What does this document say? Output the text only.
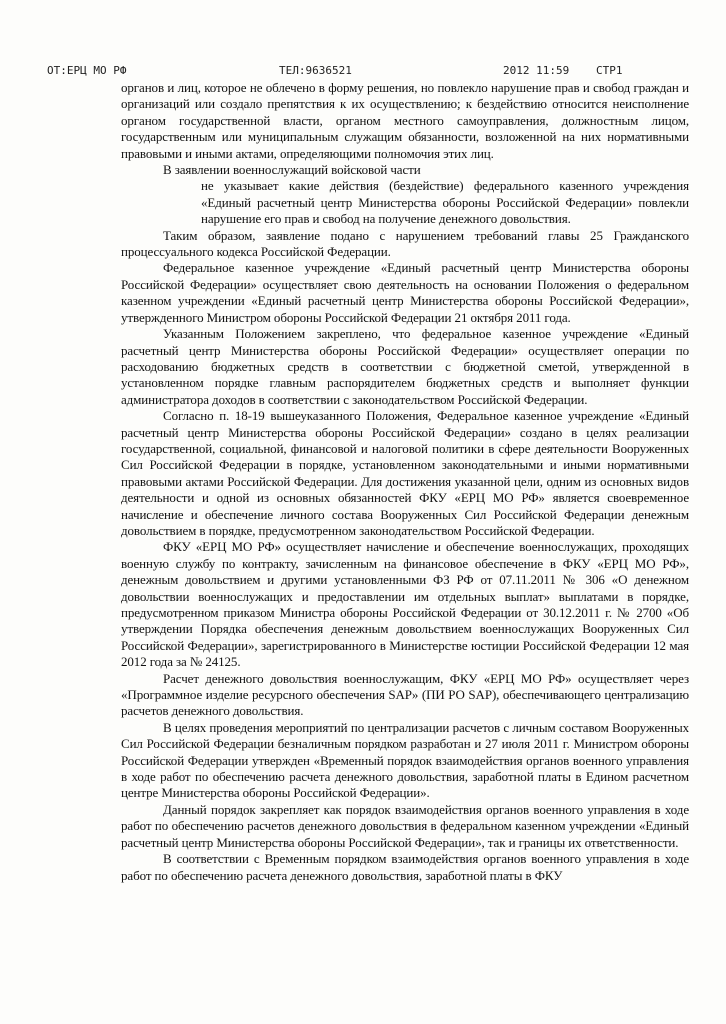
ОТ:ЕРЦ МО РФ	ТЕЛ:9636521	2012 11:59 СТР1

органов и лиц, которое не облечено в форму решения, но повлекло нарушение прав и свобод граждан и организаций или создало препятствия к их осуществлению; к бездействию относится неисполнение органом государственной власти, органом местного самоуправления, должностным лицом, государственным или муниципальным служащим обязанности, возложенной на них нормативными правовыми и иными актами, определяющими полномочия этих лиц.

В заявлении военнослужащий войсковой части

не указывает какие действия (бездействие) федерального казенного учреждения «Единый расчетный центр Министерства обороны Российской Федерации» повлекли нарушение его прав и свобод на получение денежного довольствия.

Таким образом, заявление подано с нарушением требований главы 25 Гражданского процессуального кодекса Российской Федерации.

Федеральное казенное учреждение «Единый расчетный центр Министерства обороны Российской Федерации» осуществляет свою деятельность на основании Положения о федеральном казенном учреждении «Единый расчетный центр Министерства обороны Российской Федерации», утвержденного Министром обороны Российской Федерации 21 октября 2011 года.

Указанным Положением закреплено, что федеральное казенное учреждение «Единый расчетный центр Министерства обороны Российской Федерации» осуществляет операции по расходованию бюджетных средств в соответствии с бюджетной сметой, утвержденной в установленном порядке главным распорядителем бюджетных средств и выполняет функции администратора доходов в соответствии с законодательством Российской Федерации.

Согласно п. 18-19 вышеуказанного Положения, Федеральное казенное учреждение «Единый расчетный центр Министерства обороны Российской Федерации» создано в целях реализации государственной, социальной, финансовой и налоговой политики в сфере деятельности Вооруженных Сил Российской Федерации в порядке, установленном законодательными и иными нормативными правовыми актами Российской Федерации. Для достижения указанной цели, одним из основных видов деятельности и одной из основных обязанностей ФКУ «ЕРЦ МО РФ» является своевременное начисление и обеспечение личного состава Вооруженных Сил Российской Федерации денежным довольствием в порядке, предусмотренном законодательством Российской Федерации.

ФКУ «ЕРЦ МО РФ» осуществляет начисление и обеспечение военнослужащих, проходящих военную службу по контракту, зачисленным на финансовое обеспечение в ФКУ «ЕРЦ МО РФ», денежным довольствием и другими установленными ФЗ РФ от 07.11.2011 № 306 «О денежном довольствии военнослужащих и предоставлении им отдельных выплат» выплатами в порядке, предусмотренном приказом Министра обороны Российской Федерации от 30.12.2011 г. № 2700 «Об утверждении Порядка обеспечения денежным довольствием военнослужащих Вооруженных Сил Российской Федерации», зарегистрированного в Министерстве юстиции Российской Федерации 12 мая 2012 года за № 24125.

Расчет денежного довольствия военнослужащим, ФКУ «ЕРЦ МО РФ» осуществляет через «Программное изделие ресурсного обеспечения SAP» (ПИ РО SAP), обеспечивающего централизацию расчетов денежного довольствия.

В целях проведения мероприятий по централизации расчетов с личным составом Вооруженных Сил Российской Федерации безналичным порядком разработан и 27 июля 2011 г. Министром обороны Российской Федерации утвержден «Временный порядок взаимодействия органов военного управления в ходе работ по обеспечению расчета денежного довольствия, заработной платы в Едином расчетном центре Министерства обороны Российской Федерации».

Данный порядок закрепляет как порядок взаимодействия органов военного управления в ходе работ по обеспечению расчетов денежного довольствия в федеральном казенном учреждении «Единый расчетный центр Министерства обороны Российской Федерации», так и границы их ответственности.

В соответствии с Временным порядком взаимодействия органов военного управления в ходе работ по обеспечению расчета денежного довольствия, заработной платы в ФКУ
